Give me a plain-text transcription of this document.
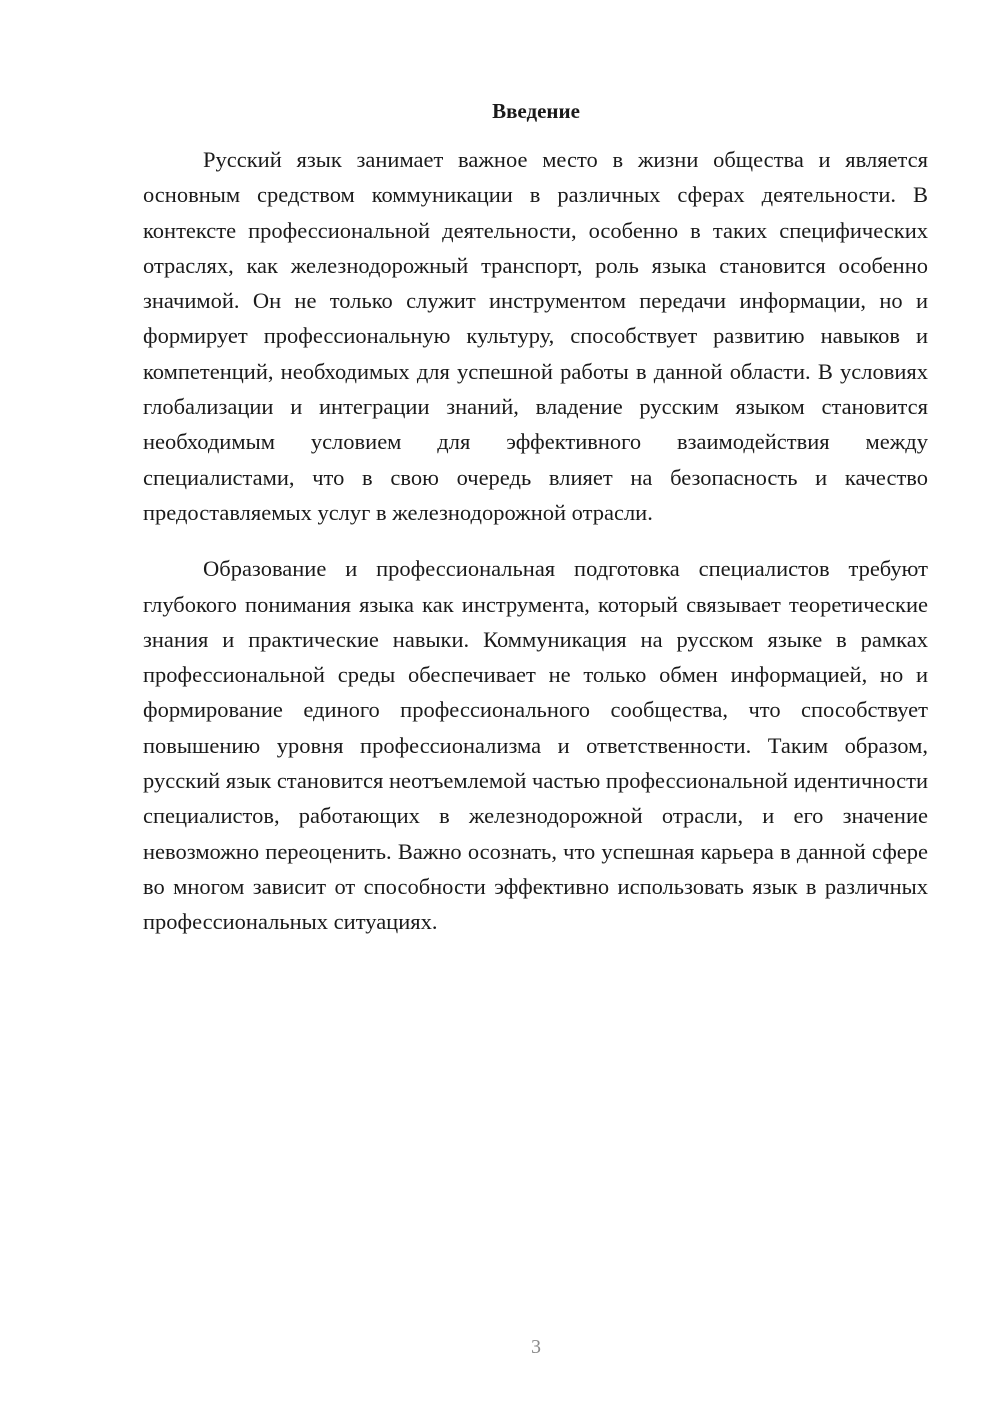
Введение

Русский язык занимает важное место в жизни общества и является основным средством коммуникации в различных сферах деятельности. В контексте профессиональной деятельности, особенно в таких специфических отраслях, как железнодорожный транспорт, роль языка становится особенно значимой. Он не только служит инструментом передачи информации, но и формирует профессиональную культуру, способствует развитию навыков и компетенций, необходимых для успешной работы в данной области. В условиях глобализации и интеграции знаний, владение русским языком становится необходимым условием для эффективного взаимодействия между специалистами, что в свою очередь влияет на безопасность и качество предоставляемых услуг в железнодорожной отрасли.

Образование и профессиональная подготовка специалистов требуют глубокого понимания языка как инструмента, который связывает теоретические знания и практические навыки. Коммуникация на русском языке в рамках профессиональной среды обеспечивает не только обмен информацией, но и формирование единого профессионального сообщества, что способствует повышению уровня профессионализма и ответственности. Таким образом, русский язык становится неотъемлемой частью профессиональной идентичности специалистов, работающих в железнодорожной отрасли, и его значение невозможно переоценить. Важно осознать, что успешная карьера в данной сфере во многом зависит от способности эффективно использовать язык в различных профессиональных ситуациях.

3
